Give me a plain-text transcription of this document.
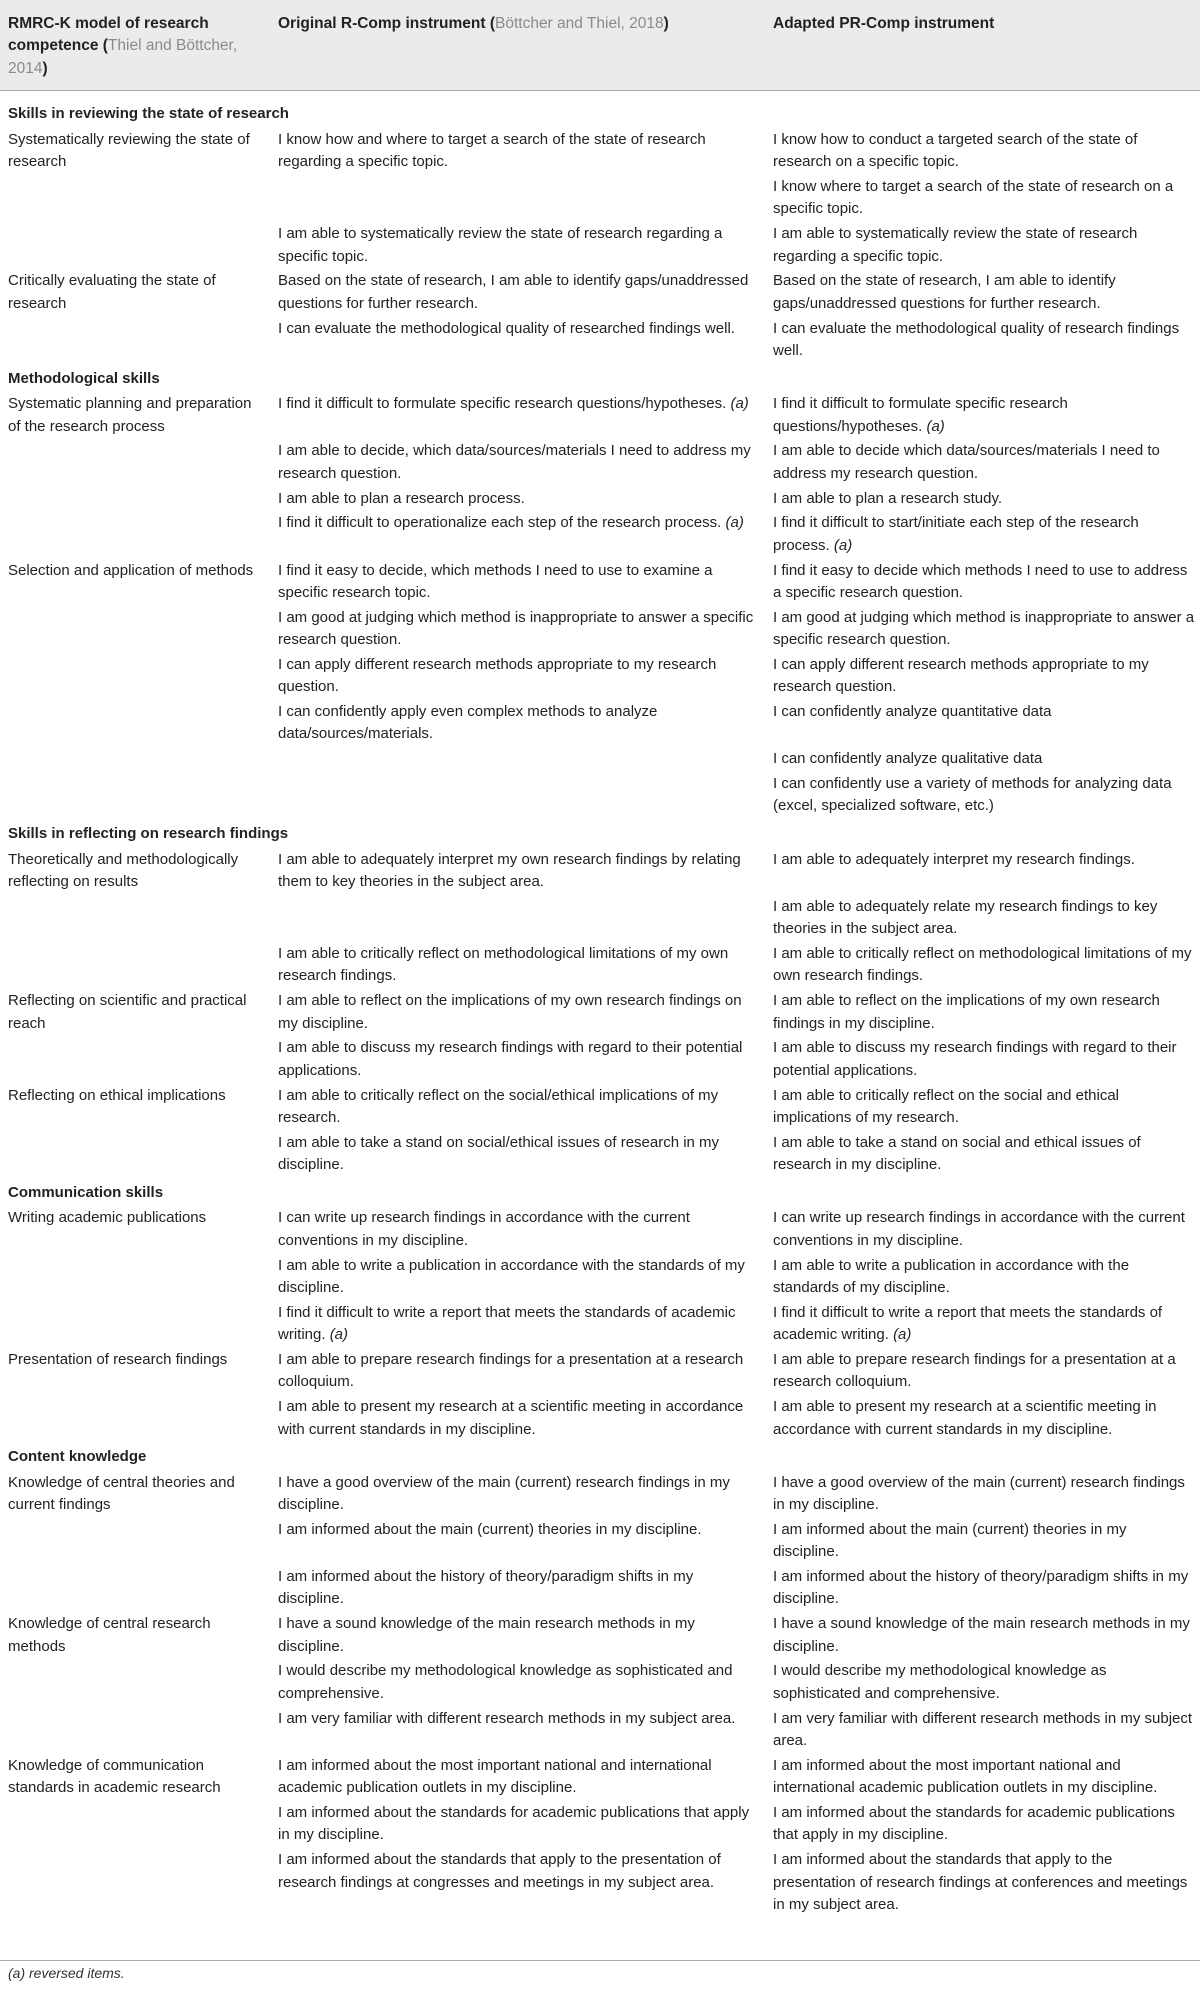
RMRC-K model of research competence (Thiel and Böttcher, 2014)	Original R-Comp instrument (Böttcher and Thiel, 2018)	Adapted PR-Comp instrument
Skills in reviewing the state of research		
Systematically reviewing the state of research	I know how and where to target a search of the state of research regarding a specific topic.	I know how to conduct a targeted search of the state of research on a specific topic.
		I know where to target a search of the state of research on a specific topic.
	I am able to systematically review the state of research regarding a specific topic.	I am able to systematically review the state of research regarding a specific topic.
Critically evaluating the state of research	Based on the state of research, I am able to identify gaps/unaddressed questions for further research.	Based on the state of research, I am able to identify gaps/unaddressed questions for further research.
	I can evaluate the methodological quality of researched findings well.	I can evaluate the methodological quality of research findings well.
Methodological skills		
Systematic planning and preparation of the research process	I find it difficult to formulate specific research questions/hypotheses. (a)	I find it difficult to formulate specific research questions/hypotheses. (a)
	I am able to decide, which data/sources/materials I need to address my research question.	I am able to decide which data/sources/materials I need to address my research question.
	I am able to plan a research process.	I am able to plan a research study.
	I find it difficult to operationalize each step of the research process. (a)	I find it difficult to start/initiate each step of the research process. (a)
Selection and application of methods	I find it easy to decide, which methods I need to use to examine a specific research topic.	I find it easy to decide which methods I need to use to address a specific research question.
	I am good at judging which method is inappropriate to answer a specific research question.	I am good at judging which method is inappropriate to answer a specific research question.
	I can apply different research methods appropriate to my research question.	I can apply different research methods appropriate to my research question.
	I can confidently apply even complex methods to analyze data/sources/materials.	I can confidently analyze quantitative data
		I can confidently analyze qualitative data
		I can confidently use a variety of methods for analyzing data (excel, specialized software, etc.)
Skills in reflecting on research findings		
Theoretically and methodologically reflecting on results	I am able to adequately interpret my own research findings by relating them to key theories in the subject area.	I am able to adequately interpret my research findings.
		I am able to adequately relate my research findings to key theories in the subject area.
	I am able to critically reflect on methodological limitations of my own research findings.	I am able to critically reflect on methodological limitations of my own research findings.
Reflecting on scientific and practical reach	I am able to reflect on the implications of my own research findings on my discipline.	I am able to reflect on the implications of my own research findings in my discipline.
	I am able to discuss my research findings with regard to their potential applications.	I am able to discuss my research findings with regard to their potential applications.
Reflecting on ethical implications	I am able to critically reflect on the social/ethical implications of my research.	I am able to critically reflect on the social and ethical implications of my research.
	I am able to take a stand on social/ethical issues of research in my discipline.	I am able to take a stand on social and ethical issues of research in my discipline.
Communication skills		
Writing academic publications	I can write up research findings in accordance with the current conventions in my discipline.	I can write up research findings in accordance with the current conventions in my discipline.
	I am able to write a publication in accordance with the standards of my discipline.	I am able to write a publication in accordance with the standards of my discipline.
	I find it difficult to write a report that meets the standards of academic writing. (a)	I find it difficult to write a report that meets the standards of academic writing. (a)
Presentation of research findings	I am able to prepare research findings for a presentation at a research colloquium.	I am able to prepare research findings for a presentation at a research colloquium.
	I am able to present my research at a scientific meeting in accordance with current standards in my discipline.	I am able to present my research at a scientific meeting in accordance with current standards in my discipline.
Content knowledge		
Knowledge of central theories and current findings	I have a good overview of the main (current) research findings in my discipline.	I have a good overview of the main (current) research findings in my discipline.
	I am informed about the main (current) theories in my discipline.	I am informed about the main (current) theories in my discipline.
	I am informed about the history of theory/paradigm shifts in my discipline.	I am informed about the history of theory/paradigm shifts in my discipline.
Knowledge of central research methods	I have a sound knowledge of the main research methods in my discipline.	I have a sound knowledge of the main research methods in my discipline.
	I would describe my methodological knowledge as sophisticated and comprehensive.	I would describe my methodological knowledge as sophisticated and comprehensive.
	I am very familiar with different research methods in my subject area.	I am very familiar with different research methods in my subject area.
Knowledge of communication standards in academic research	I am informed about the most important national and international academic publication outlets in my discipline.	I am informed about the most important national and international academic publication outlets in my discipline.
	I am informed about the standards for academic publications that apply in my discipline.	I am informed about the standards for academic publications that apply in my discipline.
	I am informed about the standards that apply to the presentation of research findings at congresses and meetings in my subject area.	I am informed about the standards that apply to the presentation of research findings at conferences and meetings in my subject area.
(a) reversed items.
